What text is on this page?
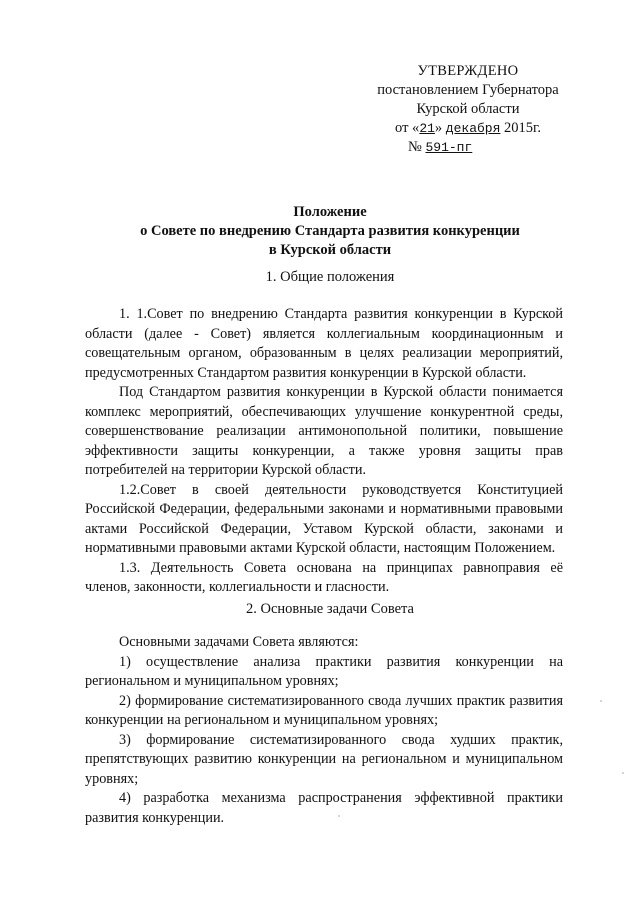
УТВЕРЖДЕНО
постановлением Губернатора
Курской области
от «21» декабря 2015г.
№ 591-пг
Положение
о Совете по внедрению Стандарта развития конкуренции
в Курской области
1. Общие положения

1. 1.Совет по внедрению Стандарта развития конкуренции в Курской области (далее - Совет) является коллегиальным координационным и совещательным органом, образованным в целях реализации мероприятий, предусмотренных Стандартом развития конкуренции в Курской области.

Под Стандартом развития конкуренции в Курской области понимается комплекс мероприятий, обеспечивающих улучшение конкурентной среды, совершенствование реализации антимонопольной политики, повышение эффективности защиты конкуренции, а также уровня защиты прав потребителей на территории Курской области.

1.2.Совет в своей деятельности руководствуется Конституцией Российской Федерации, федеральными законами и нормативными правовыми актами Российской Федерации, Уставом Курской области, законами и нормативными правовыми актами Курской области, настоящим Положением.

1.3. Деятельность Совета основана на принципах равноправия её членов, законности, коллегиальности и гласности.

2. Основные задачи Совета

Основными задачами Совета являются:

1) осуществление анализа практики развития конкуренции на региональном и муниципальном уровнях;

2) формирование систематизированного свода лучших практик развития конкуренции на региональном и муниципальном уровнях;

3) формирование систематизированного свода худших практик, препятствующих развитию конкуренции на региональном и муниципальном уровнях;

4) разработка механизма распространения эффективной практики развития конкуренции.
